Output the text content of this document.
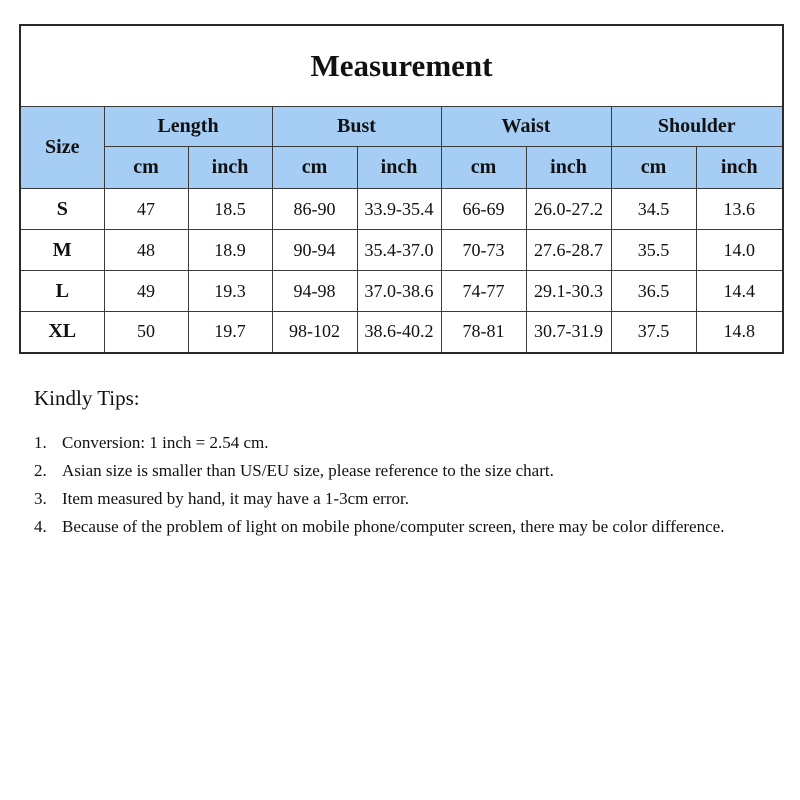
Measurement								
Size	Length		Bust		Waist		Shoulder	
	cm	inch	cm	inch	cm	inch	cm	inch
S	47	18.5	86-90	33.9-35.4	66-69	26.0-27.2	34.5	13.6
M	48	18.9	90-94	35.4-37.0	70-73	27.6-28.7	35.5	14.0
L	49	19.3	94-98	37.0-38.6	74-77	29.1-30.3	36.5	14.4
XL	50	19.7	98-102	38.6-40.2	78-81	30.7-31.9	37.5	14.8
Kindly Tips:
1. Conversion: 1 inch = 2.54 cm.
2. Asian size is smaller than US/EU size, please reference to the size chart.
3. Item measured by hand, it may have a 1-3cm error.
4. Because of the problem of light on mobile phone/computer screen, there may be color difference.
